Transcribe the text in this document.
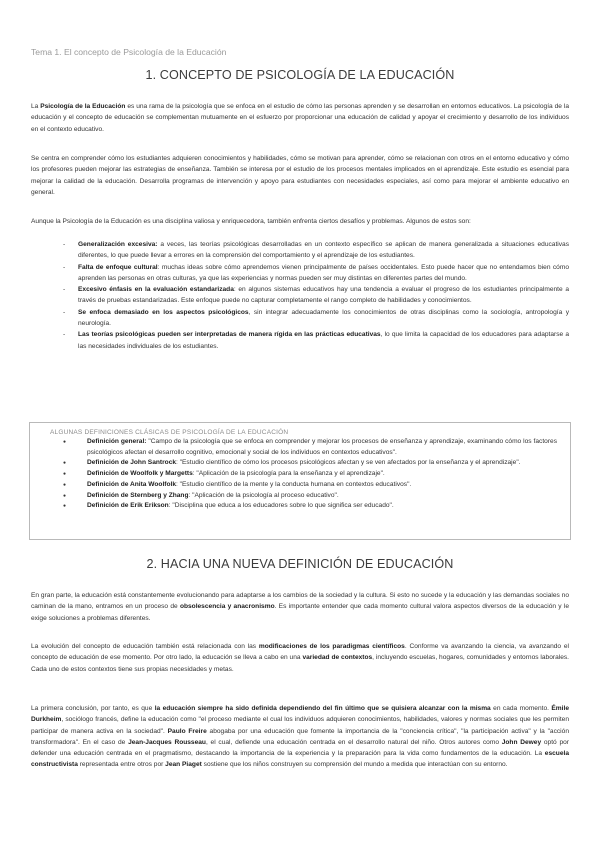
Tema 1. El concepto de Psicología de la Educación
1. CONCEPTO DE PSICOLOGÍA DE LA EDUCACIÓN

La Psicología de la Educación es una rama de la psicología que se enfoca en el estudio de cómo las personas aprenden y se desarrollan en entornos educativos. La psicología de la educación y el concepto de educación se complementan mutuamente en el esfuerzo por proporcionar una educación de calidad y apoyar el crecimiento y desarrollo de los individuos en el contexto educativo.

Se centra en comprender cómo los estudiantes adquieren conocimientos y habilidades, cómo se motivan para aprender, cómo se relacionan con otros en el entorno educativo y cómo los profesores pueden mejorar las estrategias de enseñanza. También se interesa por el estudio de los procesos mentales implicados en el aprendizaje. Este estudio es esencial para mejorar la calidad de la educación. Desarrolla programas de intervención y apoyo para estudiantes con necesidades especiales, así como para mejorar el ambiente educativo en general.

Aunque la Psicología de la Educación es una disciplina valiosa y enriquecedora, también enfrenta ciertos desafíos y problemas. Algunos de estos son:

- Generalización excesiva: a veces, las teorías psicológicas desarrolladas en un contexto específico se aplican de manera generalizada a situaciones educativas diferentes, lo que puede llevar a errores en la comprensión del comportamiento y el aprendizaje de los estudiantes.
- Falta de enfoque cultural: muchas ideas sobre cómo aprendemos vienen principalmente de países occidentales. Esto puede hacer que no entendamos bien cómo aprenden las personas en otras culturas, ya que las experiencias y normas pueden ser muy distintas en diferentes partes del mundo.
- Excesivo énfasis en la evaluación estandarizada: en algunos sistemas educativos hay una tendencia a evaluar el progreso de los estudiantes principalmente a través de pruebas estandarizadas. Este enfoque puede no capturar completamente el rango completo de habilidades y conocimientos.
- Se enfoca demasiado en los aspectos psicológicos, sin integrar adecuadamente los conocimientos de otras disciplinas como la sociología, antropología y neurología.
- Las teorías psicológicas pueden ser interpretadas de manera rígida en las prácticas educativas, lo que limita la capacidad de los educadores para adaptarse a las necesidades individuales de los estudiantes.
ALGUNAS DEFINICIONES CLÁSICAS DE PSICOLOGÍA DE LA EDUCACIÓN
● Definición general: "Campo de la psicología que se enfoca en comprender y mejorar los procesos de enseñanza y aprendizaje, examinando cómo los factores psicológicos afectan el desarrollo cognitivo, emocional y social de los individuos en contextos educativos".
● Definición de John Santrock: "Estudio científico de cómo los procesos psicológicos afectan y se ven afectados por la enseñanza y el aprendizaje".
● Definición de Woolfolk y Margetts: "Aplicación de la psicología para la enseñanza y el aprendizaje".
● Definición de Anita Woolfolk: "Estudio científico de la mente y la conducta humana en contextos educativos".
● Definición de Sternberg y Zhang: "Aplicación de la psicología al proceso educativo".
● Definición de Erik Erikson: "Disciplina que educa a los educadores sobre lo que significa ser educado".
2. HACIA UNA NUEVA DEFINICIÓN DE EDUCACIÓN

En gran parte, la educación está constantemente evolucionando para adaptarse a los cambios de la sociedad y la cultura. Si esto no sucede y la educación y las demandas sociales no caminan de la mano, entramos en un proceso de obsolescencia y anacronismo. Es importante entender que cada momento cultural valora aspectos diversos de la educación y le exige soluciones a problemas diferentes.

La evolución del concepto de educación también está relacionada con las modificaciones de los paradigmas científicos. Conforme va avanzando la ciencia, va avanzando el concepto de educación de ese momento. Por otro lado, la educación se lleva a cabo en una variedad de contextos, incluyendo escuelas, hogares, comunidades y entornos laborales. Cada uno de estos contextos tiene sus propias necesidades y metas.

La primera conclusión, por tanto, es que la educación siempre ha sido definida dependiendo del fin último que se quisiera alcanzar con la misma en cada momento. Émile Durkheim, sociólogo francés, define la educación como "el proceso mediante el cual los individuos adquieren conocimientos, habilidades, valores y normas sociales que les permiten participar de manera activa en la sociedad". Paulo Freire abogaba por una educación que fomente la importancia de la "conciencia crítica", "la participación activa" y la "acción transformadora". En el caso de Jean-Jacques Rousseau, el cual, defiende una educación centrada en el desarrollo natural del niño. Otros autores como John Dewey optó por defender una educación centrada en el pragmatismo, destacando la importancia de la experiencia y la preparación para la vida como fundamentos de la educación. La escuela constructivista representada entre otros por Jean Piaget sostiene que los niños construyen su comprensión del mundo a medida que interactúan con su entorno.
